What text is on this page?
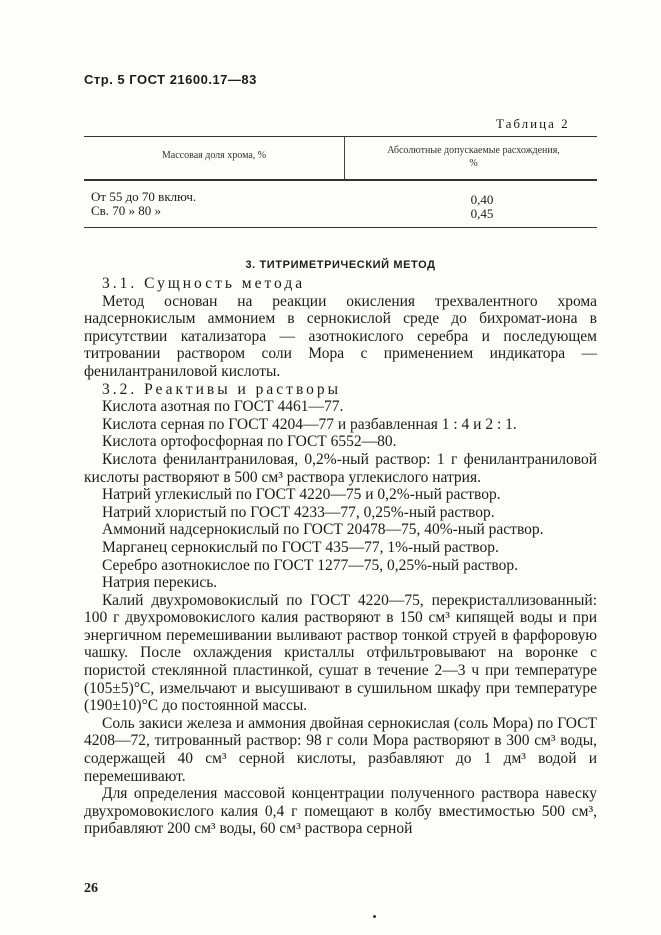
Стр. 5 ГОСТ 21600.17—83
Таблица 2
Массовая доля хрома, %	Абсолютные допускаемые расхождения,
%
От 55 до 70 включ.	0,40
Св. 70 » 80 »	0,45
3. ТИТРИМЕТРИЧЕСКИЙ МЕТОД

3.1. Сущность метода

Метод основан на реакции окисления трехвалентного хрома надсернокислым аммонием в сернокислой среде до бихромат-иона в присутствии катализатора — азотнокислого серебра и последующем титровании раствором соли Мора с применением индикатора — фенилантраниловой кислоты.

3.2. Реактивы и растворы

Кислота азотная по ГОСТ 4461—77.

Кислота серная по ГОСТ 4204—77 и разбавленная 1 : 4 и 2 : 1.

Кислота ортофосфорная по ГОСТ 6552—80.

Кислота фенилантраниловая, 0,2%-ный раствор: 1 г фенилантраниловой кислоты растворяют в 500 см³ раствора углекислого натрия.

Натрий углекислый по ГОСТ 4220—75 и 0,2%-ный раствор.

Натрий хлористый по ГОСТ 4233—77, 0,25%-ный раствор.

Аммоний надсернокислый по ГОСТ 20478—75, 40%-ный раствор.

Марганец сернокислый по ГОСТ 435—77, 1%-ный раствор.

Серебро азотнокислое по ГОСТ 1277—75, 0,25%-ный раствор.

Натрия перекись.

Калий двухромовокислый по ГОСТ 4220—75, перекристаллизованный: 100 г двухромовокислого калия растворяют в 150 см³ кипящей воды и при энергичном перемешивании выливают раствор тонкой струей в фарфоровую чашку. После охлаждения кристаллы отфильтровывают на воронке с пористой стеклянной пластинкой, сушат в течение 2—3 ч при температуре (105±5)°С, измельчают и высушивают в сушильном шкафу при температуре (190±10)°С до постоянной массы.

Соль закиси железа и аммония двойная сернокислая (соль Мора) по ГОСТ 4208—72, титрованный раствор: 98 г соли Мора растворяют в 300 см³ воды, содержащей 40 см³ серной кислоты, разбавляют до 1 дм³ водой и перемешивают.

Для определения массовой концентрации полученного раствора навеску двухромовокислого калия 0,4 г помещают в колбу вместимостью 500 см³, прибавляют 200 см³ воды, 60 см³ раствора серной

26
